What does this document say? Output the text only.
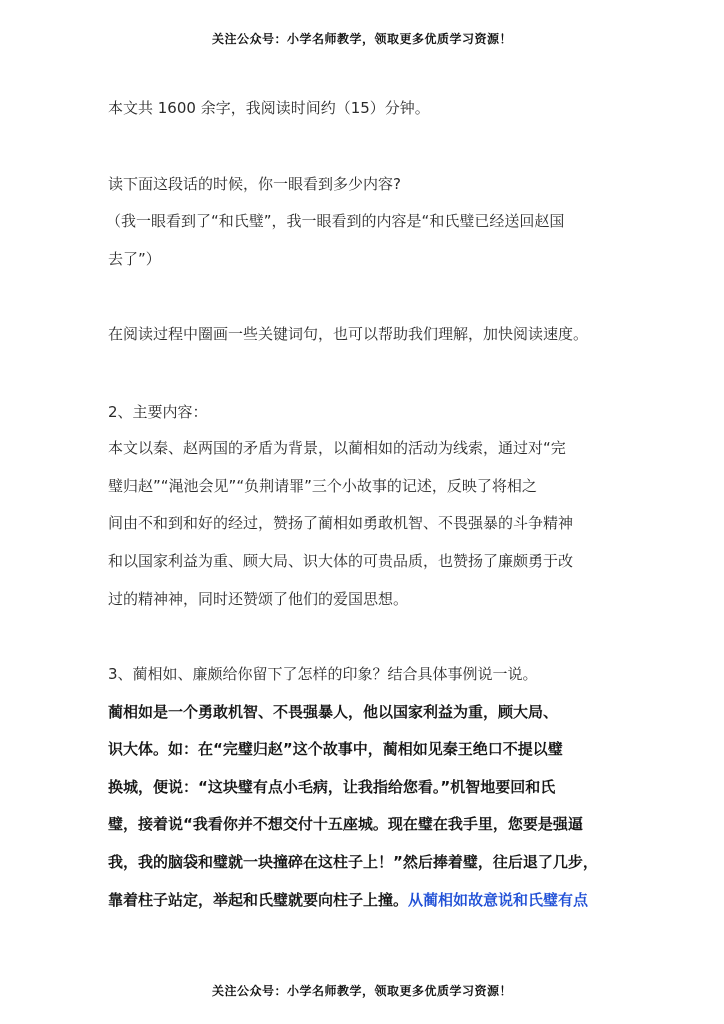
关注公众号：小学名师教学，领取更多优质学习资源！
本文共 1600 余字，我阅读时间约（15）分钟。
读下面这段话的时候，你一眼看到多少内容?
（我一眼看到了“和氏璧”，我一眼看到的内容是“和氏璧已经送回赵国
去了”）
在阅读过程中圈画一些关键词句，也可以帮助我们理解，加快阅读速度。
2、主要内容：
本文以秦、赵两国的矛盾为背景，以蔺相如的活动为线索，通过对“完
璧归赵”“渑池会见”“负荆请罪”三个小故事的记述，反映了将相之
间由不和到和好的经过，赞扬了蔺相如勇敢机智、不畏强暴的斗争精神
和以国家利益为重、顾大局、识大体的可贵品质，也赞扬了廉颇勇于改
过的精神神，同时还赞颂了他们的爱国思想。
3、蔺相如、廉颇给你留下了怎样的印象？结合具体事例说一说。
蔺相如是一个勇敢机智、不畏强暴人，他以国家利益为重，顾大局、
识大体。如：在“完璧归赵”这个故事中，蔺相如见秦王绝口不提以璧
换城，便说：“这块璧有点小毛病，让我指给您看。”机智地要回和氏
璧，接着说“我看你并不想交付十五座城。现在璧在我手里，您要是强逼
我，我的脑袋和璧就一块撞碎在这柱子上！”然后捧着璧，往后退了几步，
靠着柱子站定，举起和氏璧就要向柱子上撞。从蔺相如故意说和氏璧有点
关注公众号：小学名师教学，领取更多优质学习资源！
